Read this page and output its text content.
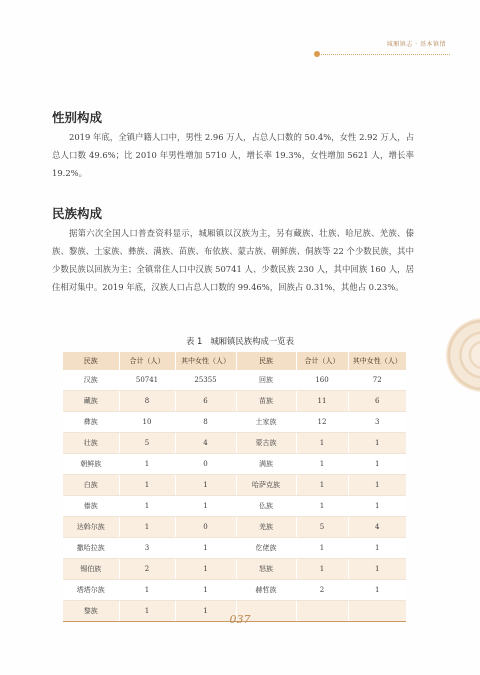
城厢镇志 · 基本镇情
性别构成

2019 年底，全镇户籍人口中，男性 2.96 万人，占总人口数的 50.4%，女性 2.92 万人，占总人口数 49.6%；比 2010 年男性增加 5710 人，增长率 19.3%，女性增加 5621 人，增长率 19.2%。

民族构成

据第六次全国人口普查资料显示，城厢镇以汉族为主，另有藏族、壮族、哈尼族、羌族、傣族、黎族、土家族、彝族、满族、苗族、布依族、蒙古族、朝鲜族、侗族等 22 个少数民族，其中少数民族以回族为主；全镇常住人口中汉族 50741 人、少数民族 230 人，其中回族 160 人，居住相对集中。2019 年底，汉族人口占总人口数的 99.46%，回族占 0.31%，其他占 0.23%。

表 1 城厢镇民族构成一览表
民族	合计（人）	其中女性（人）	民族	合计（人）	其中女性（人）
汉族	50741	25355	回族	160	72
藏族	8	6	苗族	11	6
彝族	10	8	土家族	12	3
壮族	5	4	蒙古族	1	1
朝鲜族	1	0	满族	1	1
白族	1	1	哈萨克族	1	1
傣族	1	1	仫族	1	1
达斡尔族	1	0	羌族	5	4
撒哈拉族	3	1	仡佬族	1	1
锡伯族	2	1	怒族	1	1
塔塔尔族	1	1	赫哲族	2	1
黎族	1	1			
037
